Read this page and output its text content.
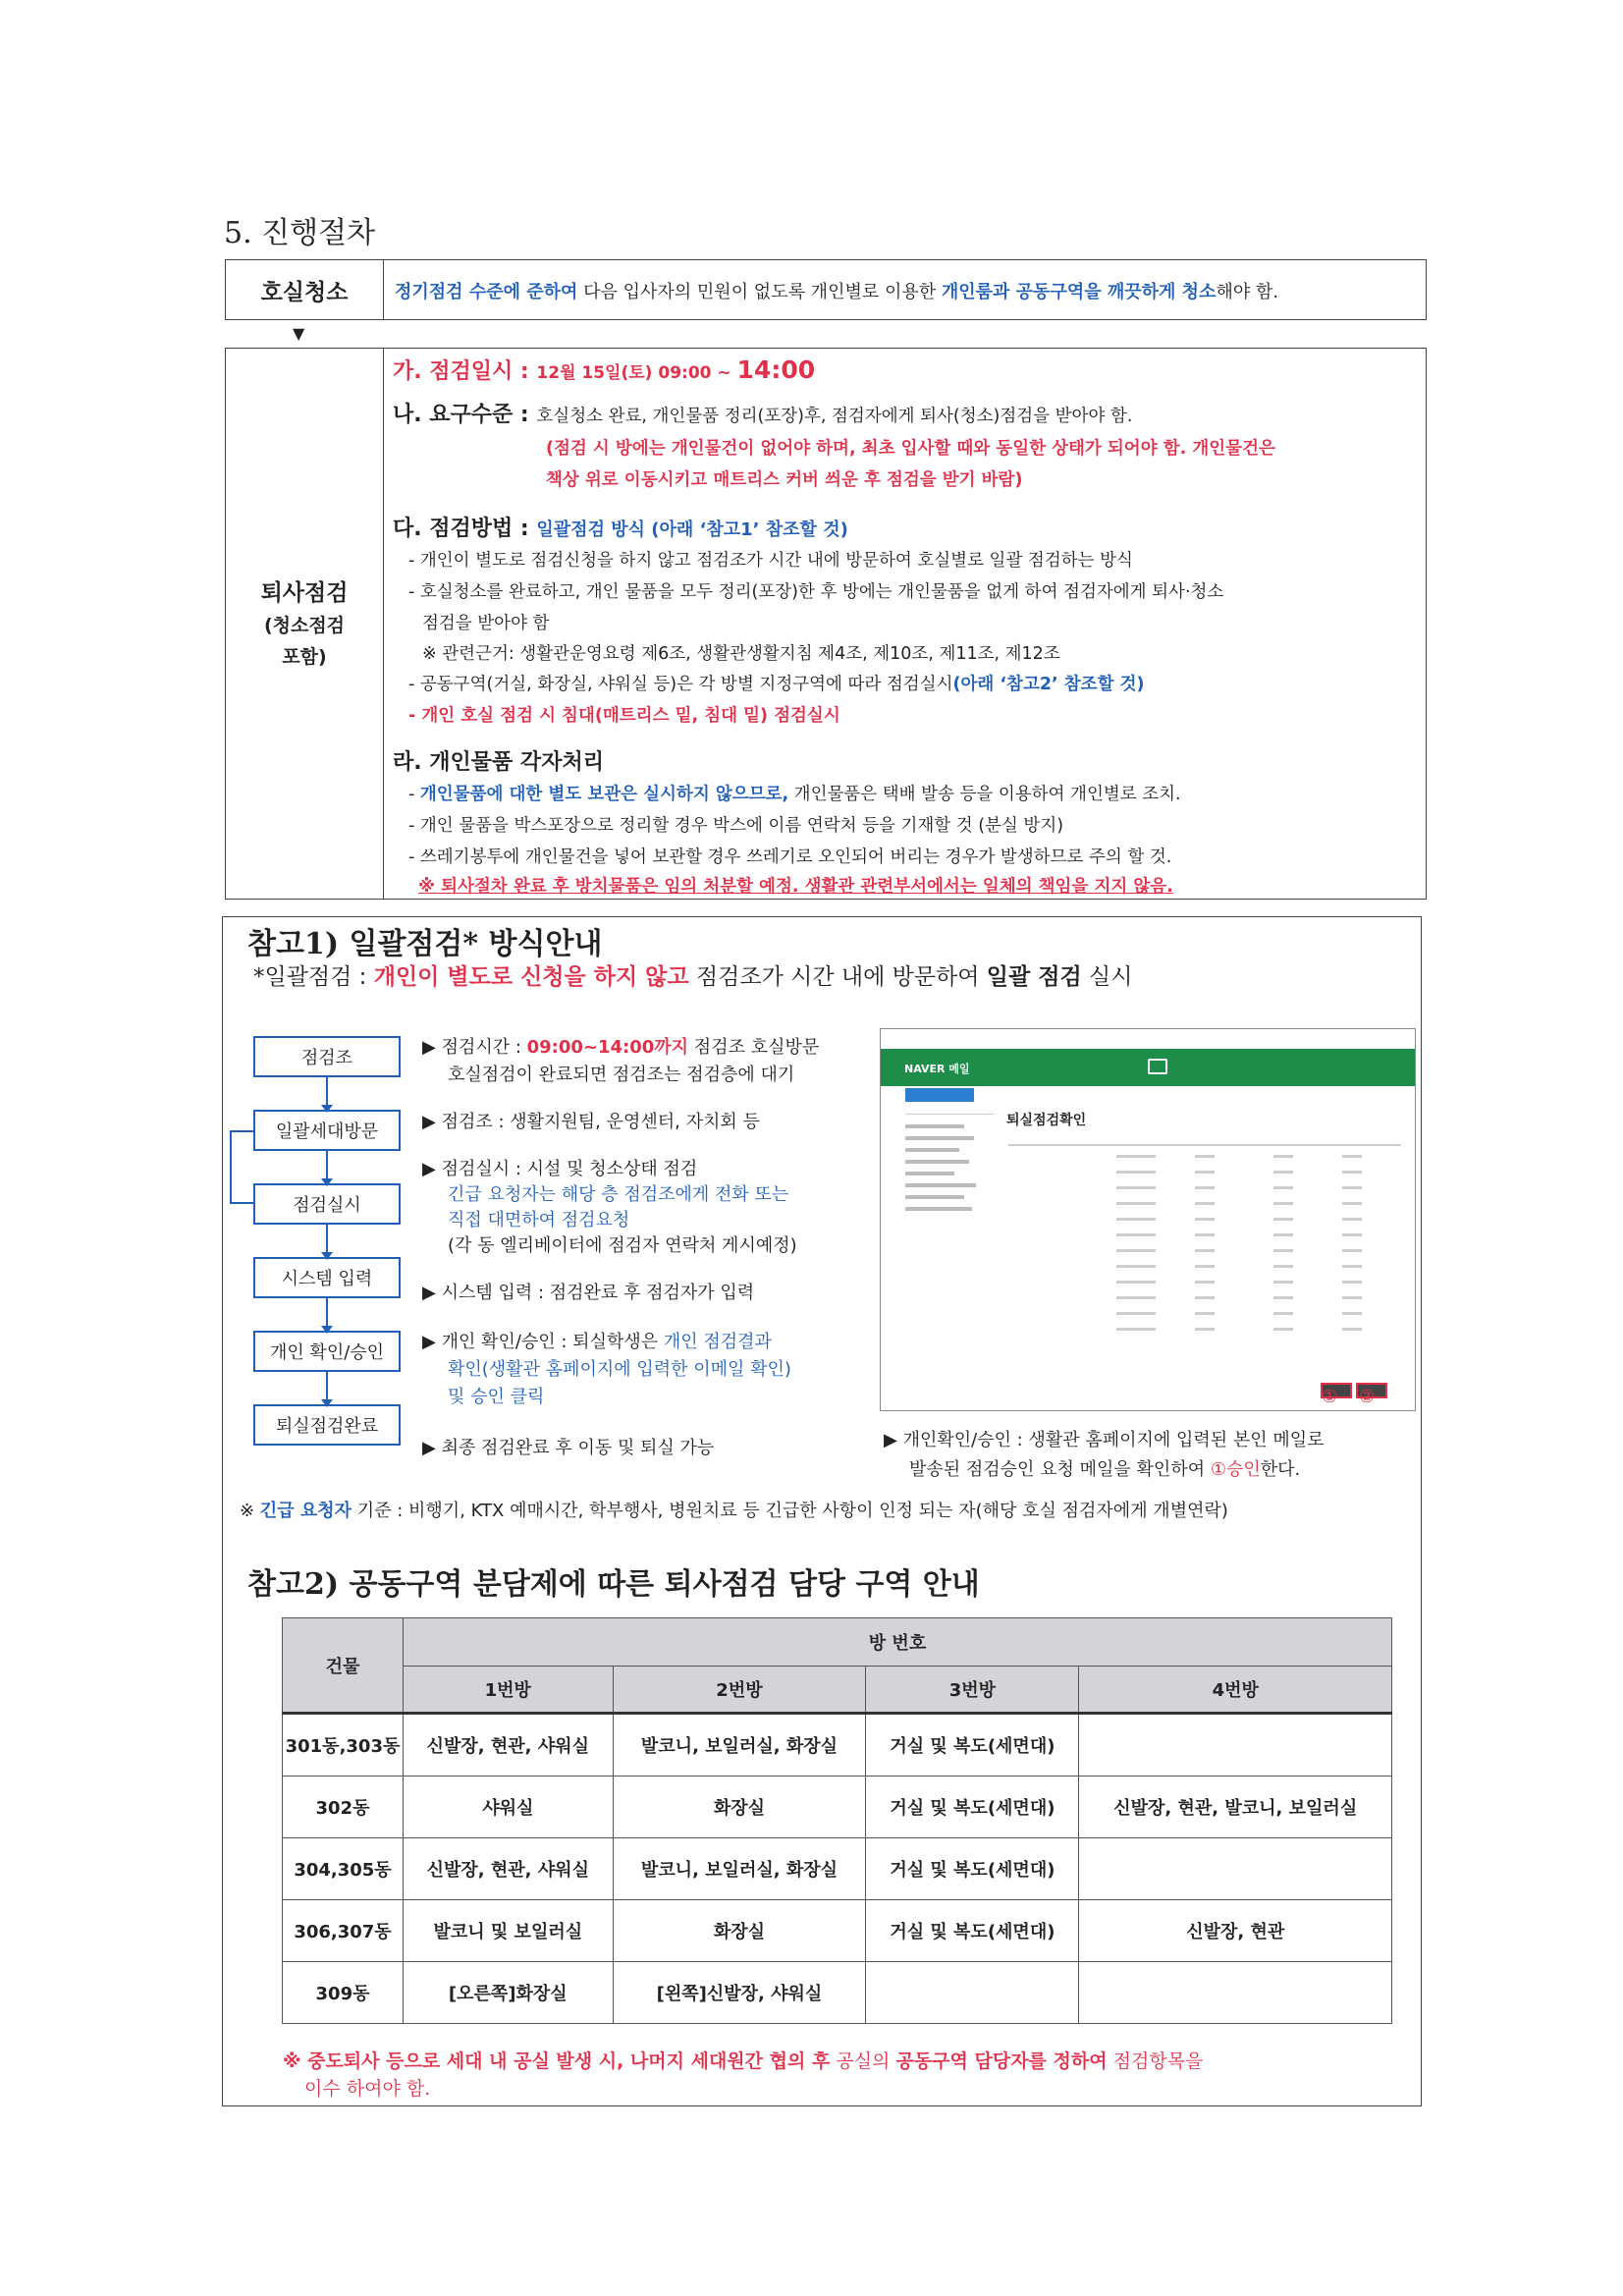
5. 진행절차
호실청소	정기점검 수준에 준하여 다음 입사자의 민원이 없도록 개인별로 이용한 개인룸과 공동구역을 깨끗하게 청소해야 함.
▼
퇴사점검
(청소점검
포함)
가. 점검일시 : 12월 15일(토) 09:00 ~ 14:00
나. 요구수준 : 호실청소 완료, 개인물품 정리(포장)후, 점검자에게 퇴사(청소)점검을 받아야 함.
(점검 시 방에는 개인물건이 없어야 하며, 최초 입사할 때와 동일한 상태가 되어야 함. 개인물건은
책상 위로 이동시키고 매트리스 커버 씌운 후 점검을 받기 바람)
다. 점검방법 : 일괄점검 방식 (아래 ‘참고1’ 참조할 것)
- 개인이 별도로 점검신청을 하지 않고 점검조가 시간 내에 방문하여 호실별로 일괄 점검하는 방식
- 호실청소를 완료하고, 개인 물품을 모두 정리(포장)한 후 방에는 개인물품을 없게 하여 점검자에게 퇴사·청소
점검을 받아야 함
※ 관련근거: 생활관운영요령 제6조, 생활관생활지침 제4조, 제10조, 제11조, 제12조
- 공동구역(거실, 화장실, 샤워실 등)은 각 방별 지정구역에 따라 점검실시(아래 ‘참고2’ 참조할 것)
- 개인 호실 점검 시 침대(매트리스 밑, 침대 밑) 점검실시
라. 개인물품 각자처리
- 개인물품에 대한 별도 보관은 실시하지 않으므로, 개인물품은 택배 발송 등을 이용하여 개인별로 조치.
- 개인 물품을 박스포장으로 정리할 경우 박스에 이름 연락처 등을 기재할 것 (분실 방지)
- 쓰레기봉투에 개인물건을 넣어 보관할 경우 쓰레기로 오인되어 버리는 경우가 발생하므로 주의 할 것.
※ 퇴사절차 완료 후 방치물품은 임의 처분할 예정. 생활관 관련부서에서는 일체의 책임을 지지 않음.
참고1) 일괄점검* 방식안내
*일괄점검 : 개인이 별도로 신청을 하지 않고 점검조가 시간 내에 방문하여 일괄 점검 실시
점검조
일괄세대방문
점검실시
시스템 입력
개인 확인/승인
퇴실점검완료
▶ 점검시간 : 09:00~14:00까지 점검조 호실방문
호실점검이 완료되면 점검조는 점검층에 대기
▶ 점검조 : 생활지원팀, 운영센터, 자치회 등
▶ 점검실시 : 시설 및 청소상태 점검
긴급 요청자는 해당 층 점검조에게 전화 또는
직접 대면하여 점검요청
(각 동 엘리베이터에 점검자 연락처 게시예정)
▶ 시스템 입력 : 점검완료 후 점검자가 입력
▶ 개인 확인/승인 : 퇴실학생은 개인 점검결과
확인(생활관 홈페이지에 입력한 이메일 확인)
및 승인 클릭
▶ 최종 점검완료 후 이동 및 퇴실 가능
NAVER 메일
퇴실점검확인
① ②
▶ 개인확인/승인 : 생활관 홈페이지에 입력된 본인 메일로
발송된 점검승인 요청 메일을 확인하여 ①승인한다.
※ 긴급 요청자 기준 : 비행기, KTX 예매시간, 학부행사, 병원치료 등 긴급한 사항이 인정 되는 자(해당 호실 점검자에게 개별연락)
참고2) 공동구역 분담제에 따른 퇴사점검 담당 구역 안내
건물	방 번호			
	1번방	2번방	3번방	4번방
301동,303동	신발장, 현관, 샤워실	발코니, 보일러실, 화장실	거실 및 복도(세면대)	
302동	샤워실	화장실	거실 및 복도(세면대)	신발장, 현관, 발코니, 보일러실
304,305동	신발장, 현관, 샤워실	발코니, 보일러실, 화장실	거실 및 복도(세면대)	
306,307동	발코니 및 보일러실	화장실	거실 및 복도(세면대)	신발장, 현관
309동	[오른쪽]화장실	[왼쪽]신발장, 샤워실		
※ 중도퇴사 등으로 세대 내 공실 발생 시, 나머지 세대원간 협의 후 공실의 공동구역 담당자를 정하여 점검항목을
이수 하여야 함.
